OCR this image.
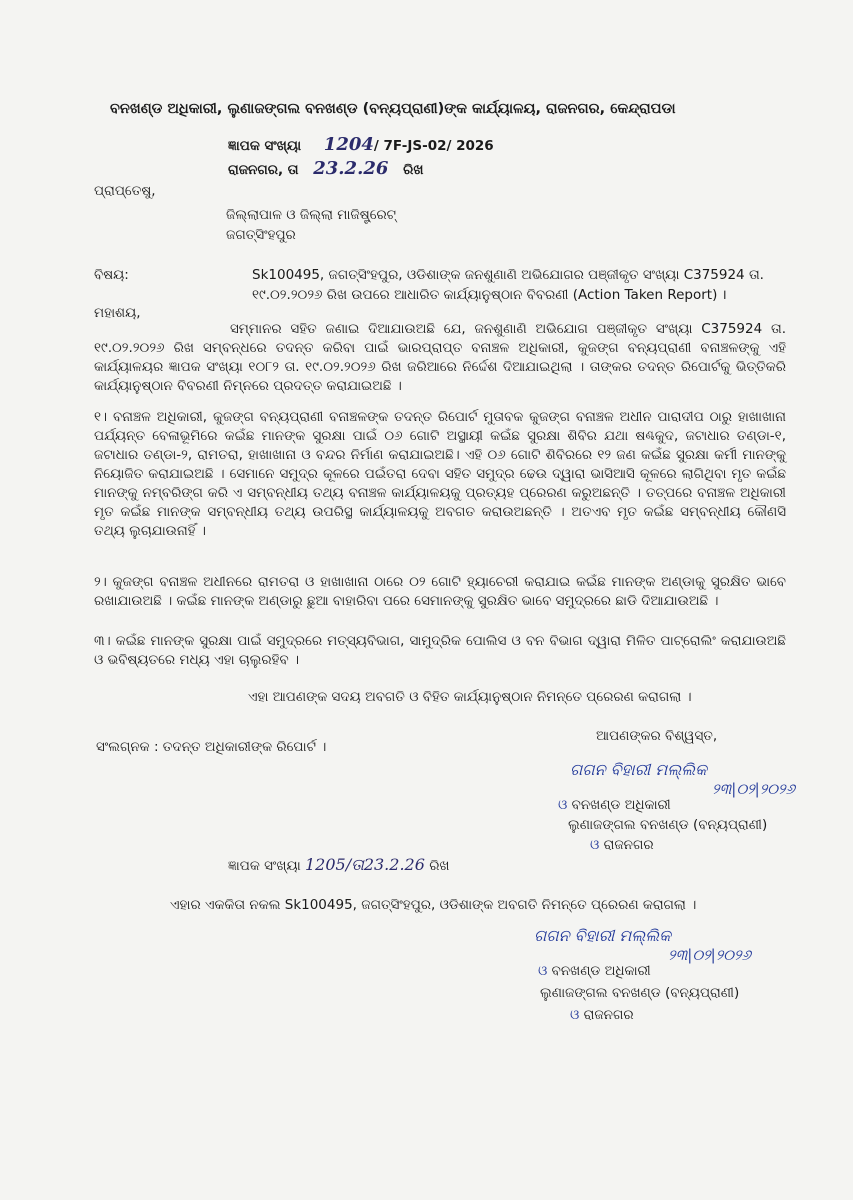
ବନଖଣ୍ଡ ଅଧିକାରୀ, ଲୁଣାଜଙ୍ଗଲ ବନଖଣ୍ଡ (ବନ୍ୟପ୍ରାଣୀ)ଙ୍କ କାର୍ଯ୍ୟାଳୟ, ରାଜନଗର, କେନ୍ଦ୍ରାପଡା
ଜ୍ଞାପକ ସଂଖ୍ୟା 1204/ 7F-JS-02/ 2026
ରାଜନଗର, ତା 23.2.26 ରିଖ
ପ୍ରାପ୍ତେଷୁ,
ଜିଲ୍ଲାପାଳ ଓ ଜିଲ୍ଲା ମାଜିଷ୍ଟ୍ରେଟ୍
ଜଗତ୍‌ସିଂହପୁର
ବିଷୟ:	Sk100495, ଜଗତ୍‌ସିଂହପୁର, ଓଡିଶାଙ୍କ ଜନଶୁଣାଣି ଅଭିଯୋଗର ପଞ୍ଜୀକୃତ ସଂଖ୍ୟା C375924 ତା.
୧୯.୦୨.୨୦୨୬ ରିଖ ଉପରେ ଆଧାରିତ କାର୍ଯ୍ୟାନୁଷ୍ଠାନ ବିବରଣୀ (Action Taken Report) ।
ମହାଶୟ,
ସମ୍ମାନର ସହିତ ଜଣାଇ ଦିଆଯାଉଅଛି ଯେ, ଜନଶୁଣାଣି ଅଭିଯୋଗ ପଞ୍ଜୀକୃତ ସଂଖ୍ୟା C375924 ତା. ୧୯.୦୨.୨୦୨୬ ରିଖ ସମ୍ବନ୍ଧରେ ତଦନ୍ତ କରିବା ପାଇଁ ଭାରପ୍ରାପ୍ତ ବନାଞ୍ଚଳ ଅଧିକାରୀ, କୁଜଙ୍ଗ ବନ୍ୟପ୍ରାଣୀ ବନାଞ୍ଚଳଙ୍କୁ ଏହି କାର୍ଯ୍ୟାଳୟର ଜ୍ଞାପକ ସଂଖ୍ୟା ୧୦୮୨ ତା. ୧୯.୦୨.୨୦୨୬ ରିଖ ଜରିଆରେ ନିର୍ଦ୍ଦେଶ ଦିଆଯାଇଥିଲା । ତାଙ୍କର ତଦନ୍ତ ରିପୋର୍ଟକୁ ଭିତ୍ତିକରି କାର୍ଯ୍ୟାନୁଷ୍ଠାନ ବିବରଣୀ ନିମ୍ନରେ ପ୍ରଦତ୍ତ କରାଯାଇଅଛି ।
୧। ବନାଞ୍ଚଳ ଅଧିକାରୀ, କୁଜଙ୍ଗ ବନ୍ୟପ୍ରାଣୀ ବନାଞ୍ଚଳଙ୍କ ତଦନ୍ତ ରିପୋର୍ଟ ମୁତାବକ କୁଜଙ୍ଗ ବନାଞ୍ଚଳ ଅଧୀନ ପାରାଦୀପ ଠାରୁ ହାଖାଖାନା ପର୍ଯ୍ୟନ୍ତ ବେଳାଭୂମିରେ କଇଁଛ ମାନଙ୍କ ସୁରକ୍ଷା ପାଇଁ ୦୬ ଗୋଟି ଅସ୍ଥାୟୀ କଇଁଛ ସୁରକ୍ଷା ଶିବିର ଯଥା ଷଣ୍ଢକୁଦ, ଜଟାଧାର ତଣ୍ଡା-୧, ଜଟାଧାର ତଣ୍ଡା-୨, ରାମତରା, ହାଖାଖାନା ଓ ବନ୍ଦର ନିର୍ମାଣ କରାଯାଇଅଛି। ଏହି ୦୬ ଗୋଟି ଶିବିରରେ ୧୨ ଜଣ କଇଁଛ ସୁରକ୍ଷା କର୍ମୀ ମାନଙ୍କୁ ନିୟୋଜିତ କରାଯାଇଅଛି । ସେମାନେ ସମୁଦ୍ର କୂଳରେ ପଇଁତରା ଦେବା ସହିତ ସମୁଦ୍ର ଢେଉ ଦ୍ୱାରା ଭାସିଆସି କୂଳରେ ଲାଗିଥିବା ମୃତ କଇଁଛ ମାନଙ୍କୁ ନମ୍ବରିଙ୍ଗ କରି ଏ ସମ୍ବନ୍ଧୀୟ ତଥ୍ୟ ବନାଞ୍ଚଳ କାର୍ଯ୍ୟାଳୟକୁ ପ୍ରତ୍ୟହ ପ୍ରେରଣ କରୁଅଛନ୍ତି । ତତ୍ପରେ ବନାଞ୍ଚଳ ଅଧିକାରୀ ମୃତ କଇଁଛ ମାନଙ୍କ ସମ୍ବନ୍ଧୀୟ ତଥ୍ୟ ଉପରିସ୍ଥ କାର୍ଯ୍ୟାଳୟକୁ ଅବଗତ କରାଉଅଛନ୍ତି । ଅତଏବ ମୃତ କଇଁଛ ସମ୍ବନ୍ଧୀୟ କୌଣସି ତଥ୍ୟ ଲୁଚାଯାଉନାହିଁ ।
୨। କୁଜଙ୍ଗ ବନାଞ୍ଚଳ ଅଧୀନରେ ରାମତରା ଓ ହାଖାଖାନା ଠାରେ ୦୨ ଗୋଟି ହ୍ୟାଚେରୀ କରାଯାଇ କଇଁଛ ମାନଙ୍କ ଅଣ୍ଡାକୁ ସୁରକ୍ଷିତ ଭାବେ ରଖାଯାଉଅଛି । କଇଁଛ ମାନଙ୍କ ଅଣ୍ଡାରୁ ଛୁଆ ବାହାରିବା ପରେ ସେମାନଙ୍କୁ ସୁରକ୍ଷିତ ଭାବେ ସମୁଦ୍ରରେ ଛାଡି ଦିଆଯାଉଅଛି ।
୩। କଇଁଛ ମାନଙ୍କ ସୁରକ୍ଷା ପାଇଁ ସମୁଦ୍ରରେ ମତ୍ସ୍ୟବିଭାଗ, ସାମୁଦ୍ରିକ ପୋଲିସ ଓ ବନ ବିଭାଗ ଦ୍ୱାରା ମିଳିତ ପାଟ୍ରୋଲିଂ କରାଯାଉଅଛି ଓ ଭବିଷ୍ୟତରେ ମଧ୍ୟ ଏହା ଚାଲୁରହିବ ।
ଏହା ଆପଣଙ୍କ ସଦୟ ଅବଗତି ଓ ବିହିତ କାର୍ଯ୍ୟାନୁଷ୍ଠାନ ନିମନ୍ତେ ପ୍ରେରଣ କରାଗଲା ।
ସଂଲଗ୍ନକ : ତଦନ୍ତ ଅଧିକାରୀଙ୍କ ରିପୋର୍ଟ ।
ଆପଣଙ୍କର ବିଶ୍ୱସ୍ତ,
ଗଗନ ବିହାରୀ ମଲ୍ଲିକ
୨୩|୦୨|୨୦୨୬
ଓ ବନଖଣ୍ଡ ଅଧିକାରୀ
ଲୁଣାଜଙ୍ଗଲ ବନଖଣ୍ଡ (ବନ୍ୟପ୍ରାଣୀ)
ଓ ରାଜନଗର
ଜ୍ଞାପକ ସଂଖ୍ୟା 1205/ତା23.2.26 ରିଖ
ଏହାର ଏକକିତା ନକଲ Sk100495, ଜଗତ୍‌ସିଂହପୁର, ଓଡିଶାଙ୍କ ଅବଗତି ନିମନ୍ତେ ପ୍ରେରଣ କରାଗଲା ।
ଗଗନ ବିହାରୀ ମଲ୍ଲିକ
୨୩|୦୨|୨୦୨୬
ଓ ବନଖଣ୍ଡ ଅଧିକାରୀ
ଲୁଣାଜଙ୍ଗଲ ବନଖଣ୍ଡ (ବନ୍ୟପ୍ରାଣୀ)
ଓ ରାଜନଗର
